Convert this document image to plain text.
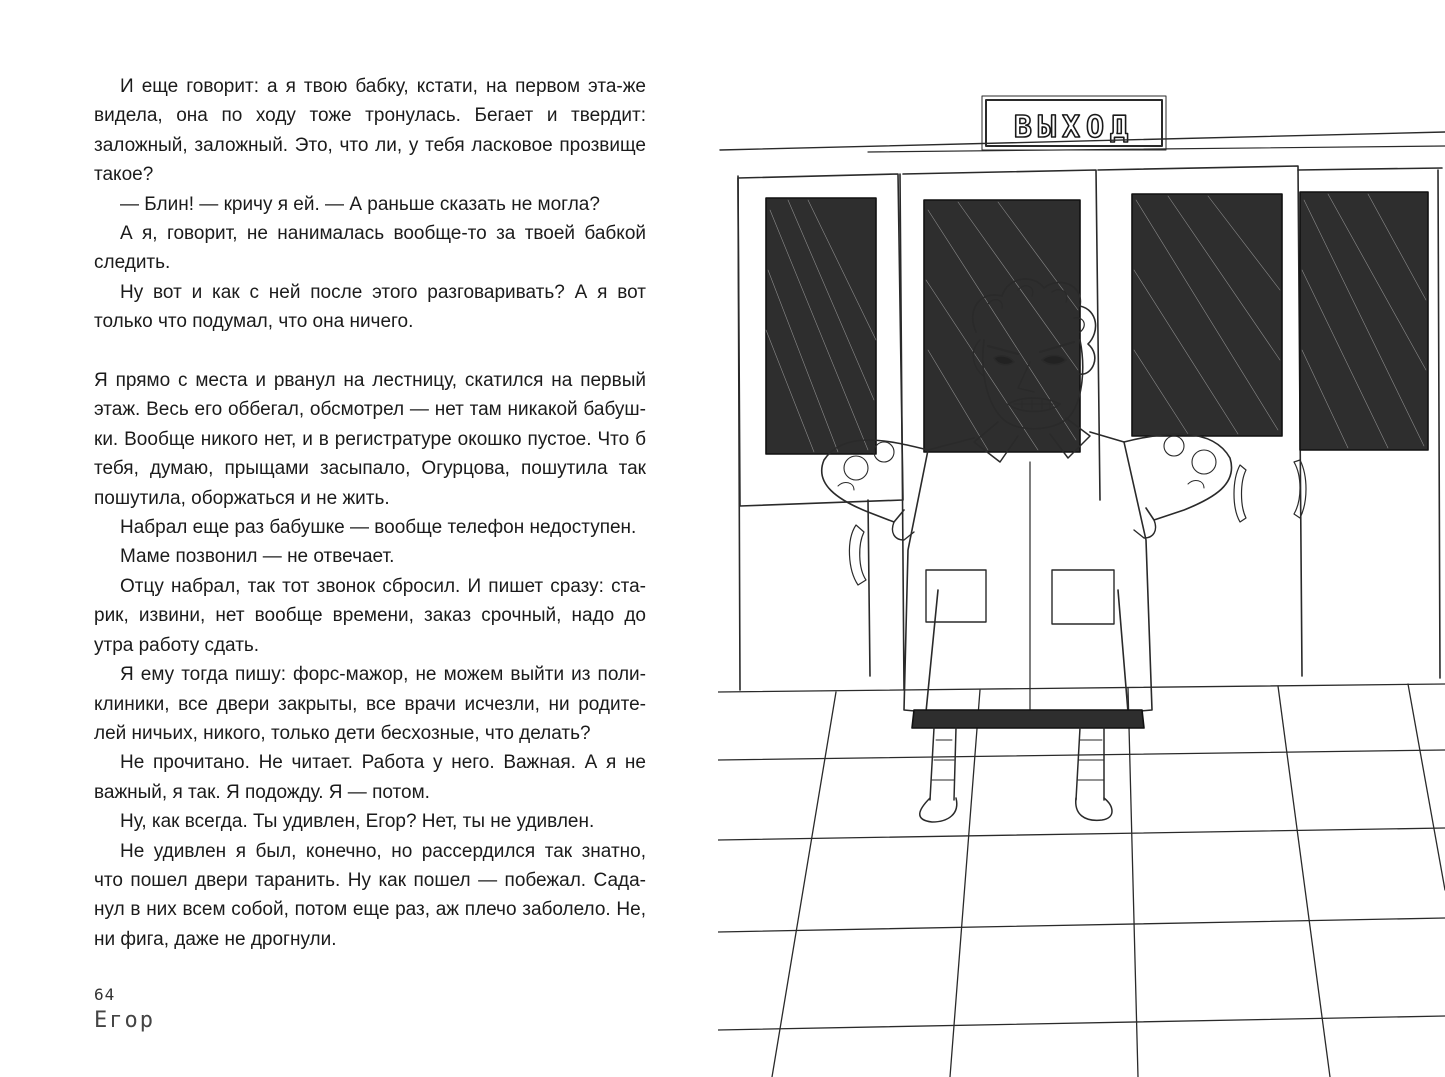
И еще говорит: а я твою бабку, кстати, на первом эта-же видела, она по ходу тоже тронулась. Бегает и твердит: заложный, заложный. Это, что ли, у тебя ласковое прозвище такое?

— Блин! — кричу я ей. — А раньше сказать не могла?

А я, говорит, не нанималась вообще-то за твоей бабкой следить.

Ну вот и как с ней после этого разговаривать? А я вот только что подумал, что она ничего.

Я прямо с места и рванул на лестницу, скатился на первый этаж. Весь его оббегал, обсмотрел — нет там никакой бабуш-ки. Вообще никого нет, и в регистратуре окошко пустое. Что б тебя, думаю, прыщами засыпало, Огурцова, пошутила так пошутила, оборжаться и не жить.

Набрал еще раз бабушке — вообще телефон недоступен.

Маме позвонил — не отвечает.

Отцу набрал, так тот звонок сбросил. И пишет сразу: ста-рик, извини, нет вообще времени, заказ срочный, надо до утра работу сдать.

Я ему тогда пишу: форс-мажор, не можем выйти из поли-клиники, все двери закрыты, все врачи исчезли, ни родите-лей ничьих, никого, только дети бесхозные, что делать?

Не прочитано. Не читает. Работа у него. Важная. А я не важный, я так. Я подожду. Я — потом.

Ну, как всегда. Ты удивлен, Егор? Нет, ты не удивлен.

Не удивлен я был, конечно, но рассердился так знатно, что пошел двери таранить. Ну как пошел — побежал. Сада-нул в них всем собой, потом еще раз, аж плечо заболело. Не, ни фига, даже не дрогнули.

64
Егор
ВЫХОД
